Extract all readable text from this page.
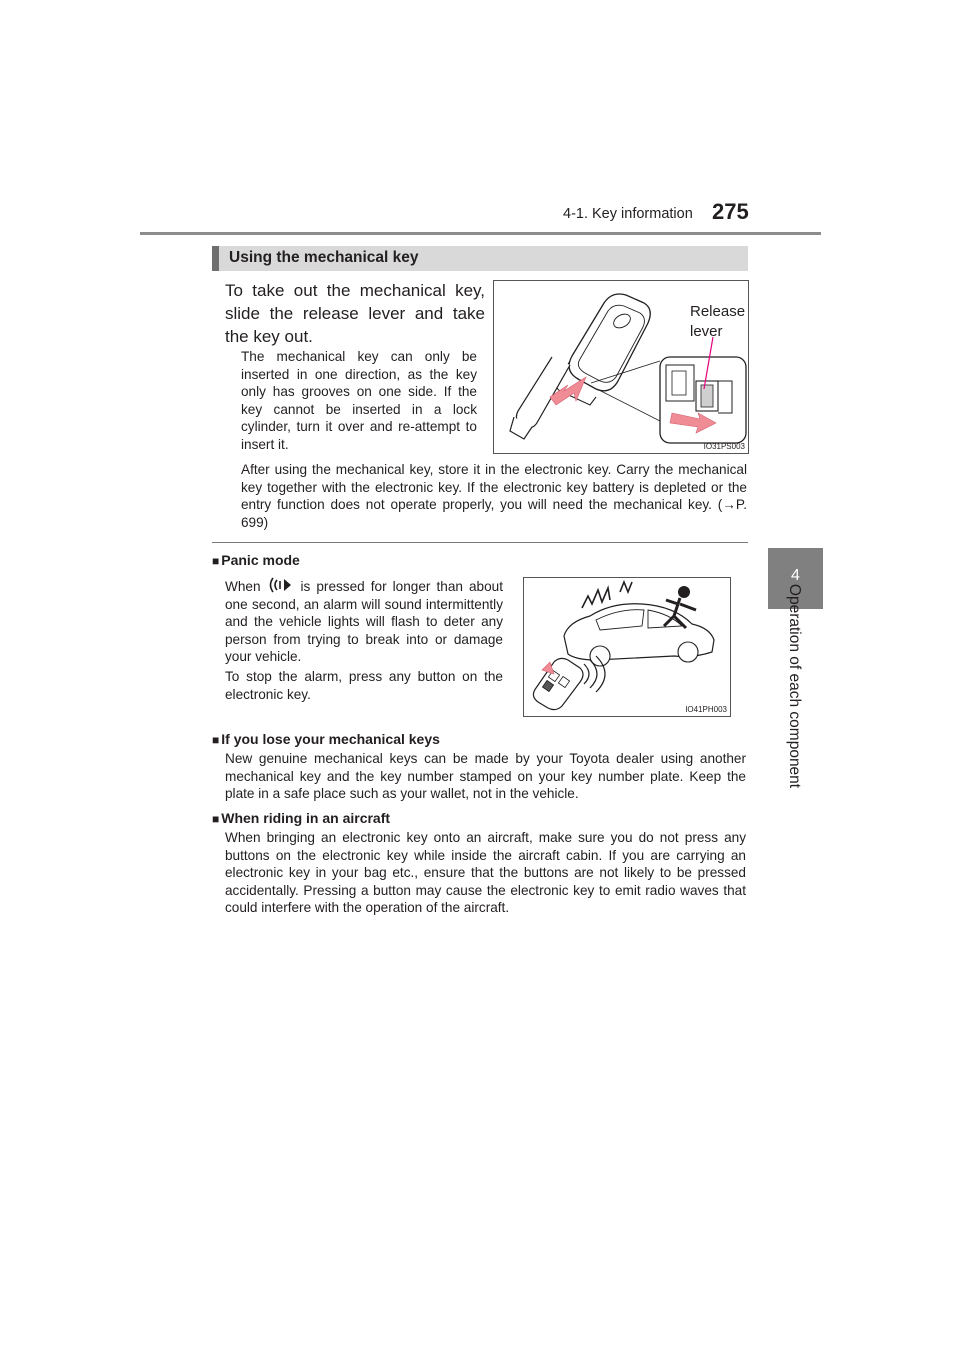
4-1. Key information 275
4
Operation of each component
Using the mechanical key
To take out the mechanical key, slide the release lever and take the key out.
The mechanical key can only be inserted in one direction, as the key only has grooves on one side. If the key cannot be inserted in a lock cylinder, turn it over and re-attempt to insert it.
Release
lever
IO31PS003
After using the mechanical key, store it in the electronic key. Carry the mechanical key together with the electronic key. If the electronic key battery is depleted or the entry function does not operate properly, you will need the mechanical key. (→P. 699)
■ Panic mode
When	is pressed for longer than about one second, an alarm will sound intermittently and the vehicle lights will flash to deter any person from trying to break into or damage your vehicle.
To stop the alarm, press any button on the electronic key.
IO41PH003
■ If you lose your mechanical keys
New genuine mechanical keys can be made by your Toyota dealer using another mechanical key and the key number stamped on your key number plate. Keep the plate in a safe place such as your wallet, not in the vehicle.
■ When riding in an aircraft
When bringing an electronic key onto an aircraft, make sure you do not press any buttons on the electronic key while inside the aircraft cabin. If you are carrying an electronic key in your bag etc., ensure that the buttons are not likely to be pressed accidentally. Pressing a button may cause the electronic key to emit radio waves that could interfere with the operation of the aircraft.
